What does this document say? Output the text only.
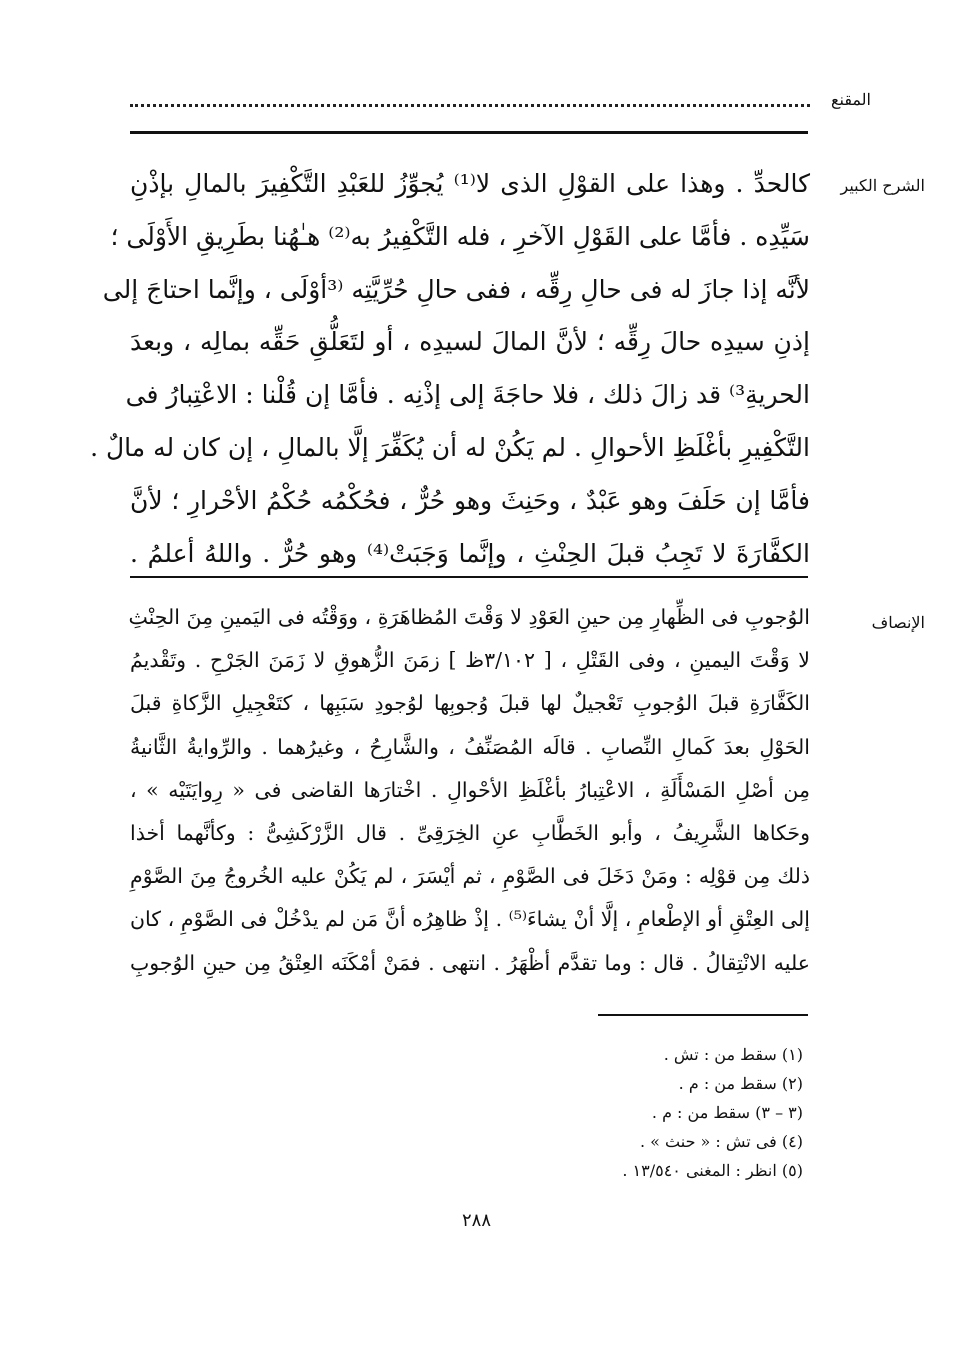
المقنع
الشرح الكبير
كالحدِّ . وهذا على القوْلِ الذى لا⁽¹⁾ يُجوِّزُ للعَبْدِ التَّكْفِيرَ بالمالِ بإذْنِ
سَيِّدِه . فأمَّا على القَوْلِ الآخرِ ، فله التَّكْفِيرُ به⁽²⁾ هـٰهُنا بطَرِيقِ الأَوْلَى ؛
لأنَّه إذا جازَ له فى حالِ رِقِّه ، ففى حالِ حُرِّيَّتِه ⁽³أوْلَى ، وإنَّما احتاجَ إلى
إذنِ سيدِه حالَ رِقِّه ؛ لأنَّ المالَ لسيدِه ، أو لتَعَلُّقِ حَقِّه بمالِه ، وبعدَ
الحريةِ³⁾ قد زالَ ذلك ، فلا حاجَةَ إلى إذْنِه . فأمَّا إن قُلْنا : الاعْتِبارُ فى
التَّكْفِيرِ بأغْلَظِ الأحوالِ . لم يَكُنْ له أن يُكَفِّرَ إلَّا بالمالِ ، إن كان له مالٌ .
فأمَّا إن حَلَفَ وهو عَبْدٌ ، وحَنِثَ وهو حُرٌّ ، فحُكْمُه حُكْمُ الأحْرارِ ؛ لأنَّ
الكفَّارَةَ لا تَجِبُ قبلَ الحِنْثِ ، وإنَّما وَجَبَتْ⁽⁴⁾ وهو حُرٌّ . واللهُ أعلمُ .
الإنصاف
الوُجوبِ فى الظِّهارِ مِن حينِ العَوْدِ لا وَقْتَ المُظاهَرَةِ ، ووَقْتُه فى اليَمينِ مِنَ الحِنْثِ
لا وَقْتَ اليمينِ ، وفى القَتْلِ ، [ ٣/١٠٢ظ ] زمَنَ الزُّهوقِ لا زَمَنَ الجَرْحِ . وتَقْديمُ
الكَفَّارَةِ قبلَ الوُجوبِ تَعْجيلٌ لها قبلَ وُجوبِها لوُجودِ سَبَبِها ، كتَعْجِيلِ الزَّكاةِ قبلَ
الحَوْلِ بعدَ كَمالِ النِّصابِ . قالَه المُصَنِّفُ ، والشَّارِحُ ، وغيرُهما . والرِّوايةُ الثَّانيةُ
مِن أصْلِ المَسْأَلَةِ ، الاعْتِبارُ بأغْلَظِ الأحْوالِ . اخْتارَها القاضى فى « رِوايَتَيْه » ،
وحَكاها الشَّرِيفُ ، وأبو الخَطَّابِ عنِ الخِرَقِىِّ . قال الزَّرْكَشِىُّ : وكأنَّهما أخذا
ذلك مِن قوْلِه : ومَنْ دَخَلَ فى الصَّوْمِ ، ثم أيْسَرَ ، لم يَكُنْ عليه الخُروجُ مِنَ الصَّوْمِ
إلى العِتْقِ أو الإطْعامِ ، إلَّا أنْ يشاءَ⁽⁵⁾ . إذْ ظاهِرُه أنَّ مَن لم يدْخُلْ فى الصَّوْمِ ، كان
عليه الانْتِقالُ . قال : وما تقدَّم أظْهَرُ . انتهى . فمَنْ أمْكَنَه العِتْقُ مِن حينِ الوُجوبِ
(١) سقط من : تش .
(٢) سقط من : م .
(٣ – ٣) سقط من : م .
(٤) فى تش : « حنث » .
(٥) انظر : المغنى ١٣/٥٤٠ .
٢٨٨
